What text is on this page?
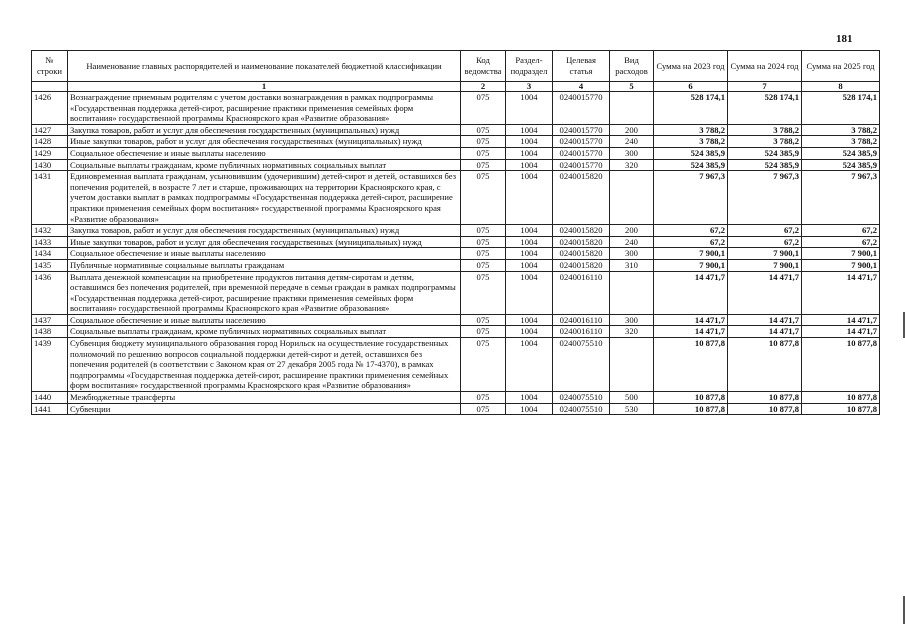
181
№ строки	Наименование главных распорядителей и наименование показателей бюджетной классификации	Код ведомства	Раздел-подраздел	Целевая статья	Вид расходов	Сумма на 2023 год	Сумма на 2024 год	Сумма на 2025 год
	1	2	3	4	5	6	7	8
1426	Вознаграждение приемным родителям с учетом доставки вознаграждения в рамках подпрограммы «Государственная поддержка детей-сирот, расширение практики применения семейных форм воспитания» государственной программы Красноярского края «Развитие образования»	075	1004	0240015770		528 174,1	528 174,1	528 174,1
1427	Закупка товаров, работ и услуг для обеспечения государственных (муниципальных) нужд	075	1004	0240015770	200	3 788,2	3 788,2	3 788,2
1428	Иные закупки товаров, работ и услуг для обеспечения государственных (муниципальных) нужд	075	1004	0240015770	240	3 788,2	3 788,2	3 788,2
1429	Социальное обеспечение и иные выплаты населению	075	1004	0240015770	300	524 385,9	524 385,9	524 385,9
1430	Социальные выплаты гражданам, кроме публичных нормативных социальных выплат	075	1004	0240015770	320	524 385,9	524 385,9	524 385,9
1431	Единовременная выплата гражданам, усыновившим (удочерившим) детей-сирот и детей, оставшихся без попечения родителей, в возрасте 7 лет и старше, проживающих на территории Красноярского края, с учетом доставки выплат в рамках подпрограммы «Государственная поддержка детей-сирот, расширение практики применения семейных форм воспитания» государственной программы Красноярского края «Развитие образования»	075	1004	0240015820		7 967,3	7 967,3	7 967,3
1432	Закупка товаров, работ и услуг для обеспечения государственных (муниципальных) нужд	075	1004	0240015820	200	67,2	67,2	67,2
1433	Иные закупки товаров, работ и услуг для обеспечения государственных (муниципальных) нужд	075	1004	0240015820	240	67,2	67,2	67,2
1434	Социальное обеспечение и иные выплаты населению	075	1004	0240015820	300	7 900,1	7 900,1	7 900,1
1435	Публичные нормативные социальные выплаты гражданам	075	1004	0240015820	310	7 900,1	7 900,1	7 900,1
1436	Выплата денежной компенсации на приобретение продуктов питания детям-сиротам и детям, оставшимся без попечения родителей, при временной передаче в семьи граждан в рамках подпрограммы «Государственная поддержка детей-сирот, расширение практики применения семейных форм воспитания» государственной программы Красноярского края «Развитие образования»	075	1004	0240016110		14 471,7	14 471,7	14 471,7
1437	Социальное обеспечение и иные выплаты населению	075	1004	0240016110	300	14 471,7	14 471,7	14 471,7
1438	Социальные выплаты гражданам, кроме публичных нормативных социальных выплат	075	1004	0240016110	320	14 471,7	14 471,7	14 471,7
1439	Субвенция бюджету муниципального образования город Норильск на осуществление государственных полномочий по решению вопросов социальной поддержки детей-сирот и детей, оставшихся без попечения родителей (в соответствии с Законом края от 27 декабря 2005 года № 17-4370), в рамках подпрограммы «Государственная поддержка детей-сирот, расширение практики применения семейных форм воспитания» государственной программы Красноярского края «Развитие образования»	075	1004	0240075510		10 877,8	10 877,8	10 877,8
1440	Межбюджетные трансферты	075	1004	0240075510	500	10 877,8	10 877,8	10 877,8
1441	Субвенции	075	1004	0240075510	530	10 877,8	10 877,8	10 877,8
